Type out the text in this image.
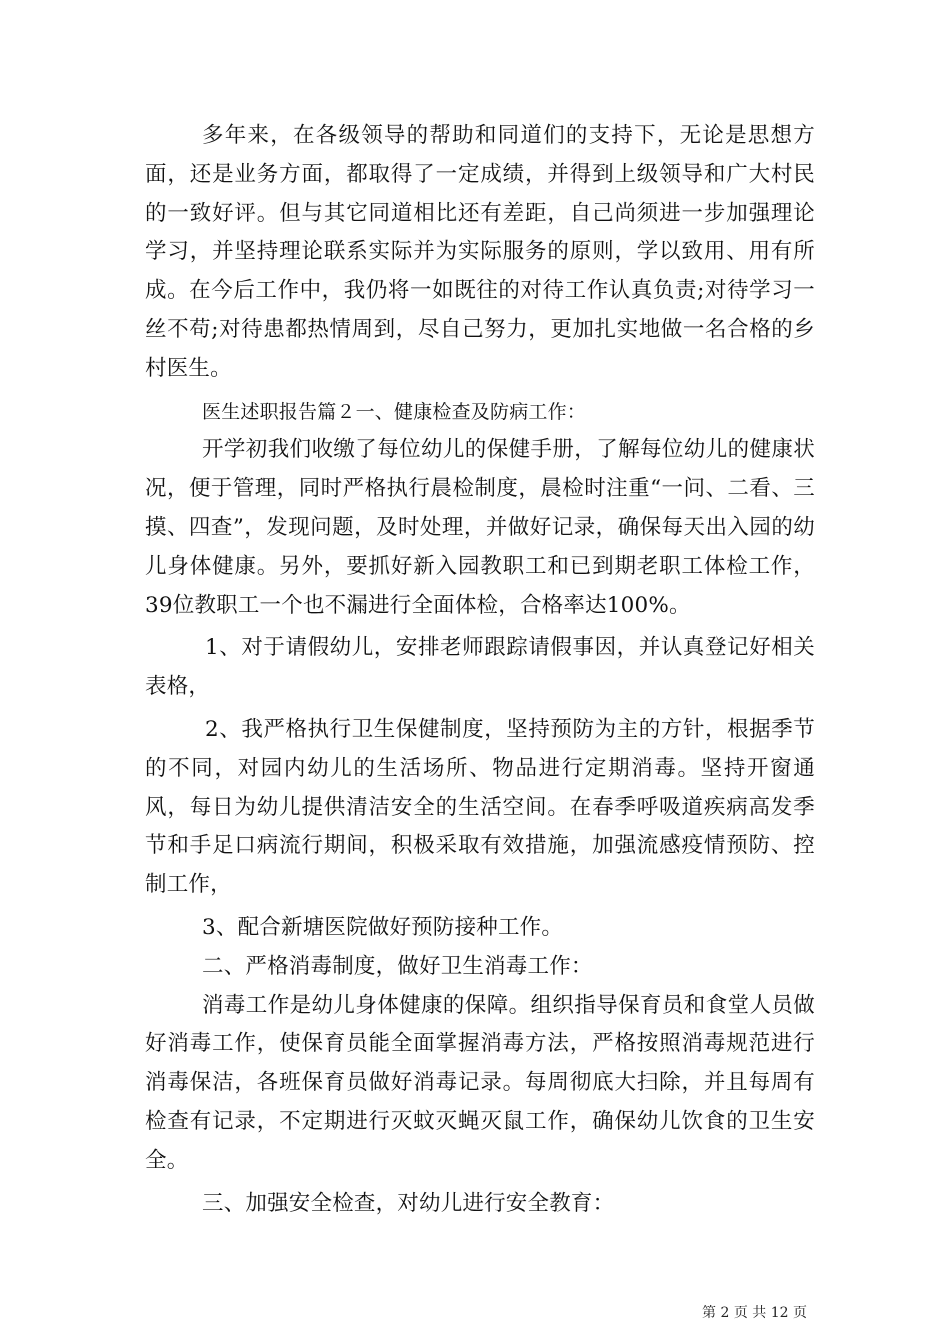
多年来，在各级领导的帮助和同道们的支持下，无论是思想方面，还是业务方面，都取得了一定成绩，并得到上级领导和广大村民的一致好评。但与其它同道相比还有差距，自己尚须进一步加强理论学习，并坚持理论联系实际并为实际服务的原则，学以致用、用有所成。在今后工作中，我仍将一如既往的对待工作认真负责;对待学习一丝不苟;对待患都热情周到，尽自己努力，更加扎实地做一名合格的乡村医生。

医生述职报告篇２一、健康检查及防病工作：

开学初我们收缴了每位幼儿的保健手册，了解每位幼儿的健康状况，便于管理，同时严格执行晨检制度，晨检时注重“一问、二看、三摸、四查”，发现问题，及时处理，并做好记录，确保每天出入园的幼儿身体健康。另外，要抓好新入园教职工和已到期老职工体检工作，39位教职工一个也不漏进行全面体检，合格率达100%。

1、对于请假幼儿，安排老师跟踪请假事因，并认真登记好相关表格，

2、我严格执行卫生保健制度，坚持预防为主的方针，根据季节的不同，对园内幼儿的生活场所、物品进行定期消毒。坚持开窗通风，每日为幼儿提供清洁安全的生活空间。在春季呼吸道疾病高发季节和手足口病流行期间，积极采取有效措施，加强流感疫情预防、控制工作，

3、配合新塘医院做好预防接种工作。

二、严格消毒制度，做好卫生消毒工作：

消毒工作是幼儿身体健康的保障。组织指导保育员和食堂人员做好消毒工作，使保育员能全面掌握消毒方法，严格按照消毒规范进行消毒保洁，各班保育员做好消毒记录。每周彻底大扫除，并且每周有检查有记录，不定期进行灭蚊灭蝇灭鼠工作，确保幼儿饮食的卫生安全。

三、加强安全检查，对幼儿进行安全教育：

第 2 页 共 12 页
